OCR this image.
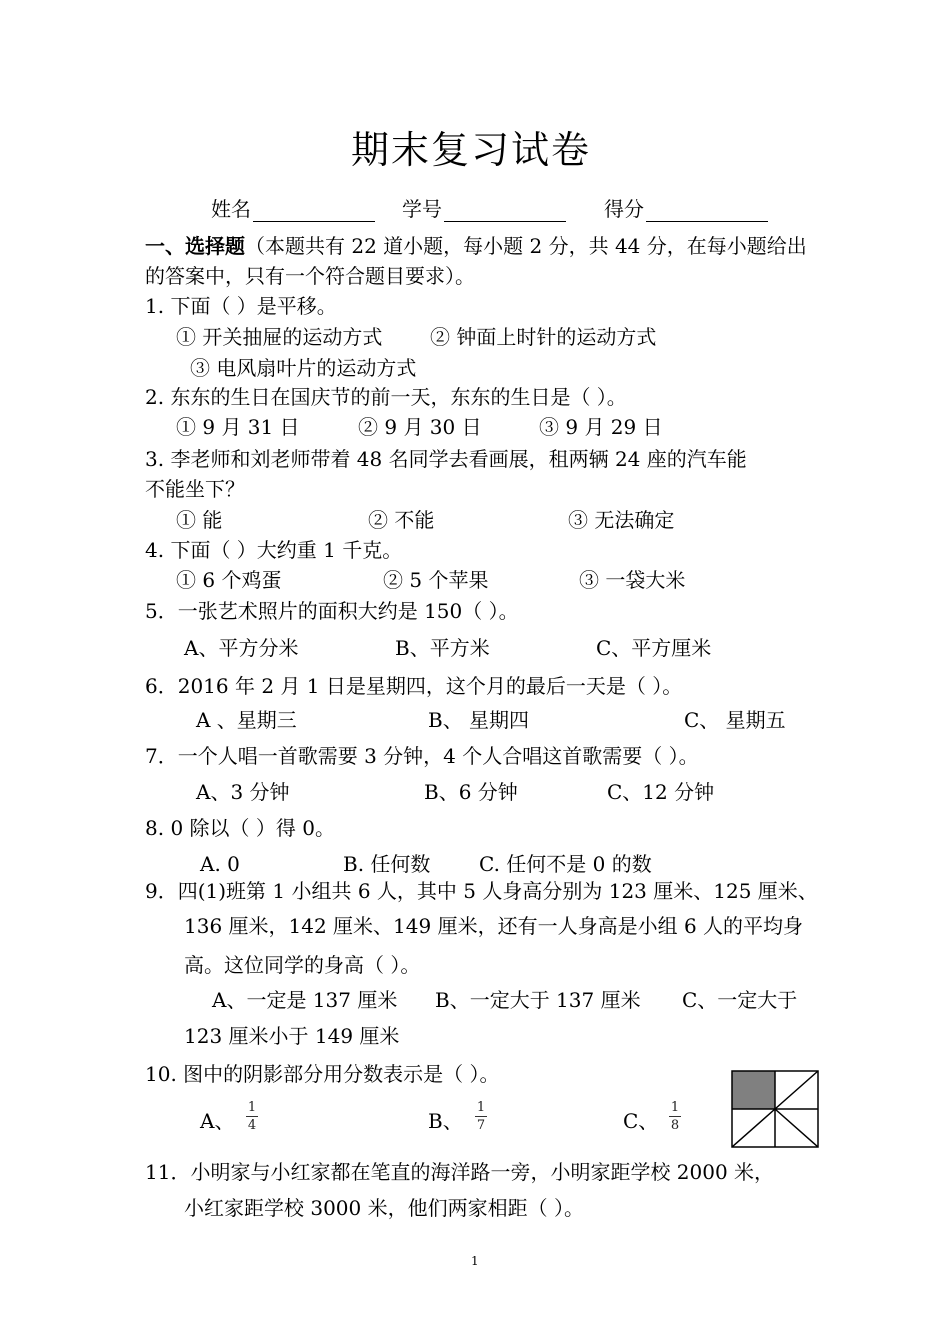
期末复习试卷
姓名	学号	得分
一、选择题（本题共有 22 道小题，每小题 2 分，共 44 分，在每小题给出
的答案中，只有一个符合题目要求）。
1. 下面（ ）是平移。
① 开关抽屉的运动方式 ② 钟面上时针的运动方式
③ 电风扇叶片的运动方式
2. 东东的生日在国庆节的前一天，东东的生日是（ ）。
① 9 月 31 日	② 9 月 30 日	③ 9 月 29 日
3. 李老师和刘老师带着 48 名同学去看画展，租两辆 24 座的汽车能
不能坐下？
① 能	② 不能	③ 无法确定
4. 下面（ ）大约重 1 千克。
① 6 个鸡蛋	② 5 个苹果	③ 一袋大米
5．一张艺术照片的面积大约是 150（ ）。
A、平方分米	B、平方米	C、平方厘米
6．2016 年 2 月 1 日是星期四，这个月的最后一天是（ ）。
A 、星期三	B、 星期四	C、 星期五
7．一个人唱一首歌需要 3 分钟，4 个人合唱这首歌需要（ ）。
A、3 分钟	B、6 分钟	C、12 分钟
8. 0 除以（ ）得 0。
A. 0	B. 任何数 C. 任何不是 0 的数
9．四(1)班第 1 小组共 6 人，其中 5 人身高分别为 123 厘米、125 厘米、
136 厘米，142 厘米、149 厘米，还有一人身高是小组 6 人的平均身
高。这位同学的身高（ ）。
A、一定是 137 厘米 B、一定大于 137 厘米 C、一定大于
123 厘米小于 149 厘米
10. 图中的阴影部分用分数表示是（ ）。
A、
1
4	B、
1
7	C、
1
8
11．小明家与小红家都在笔直的海洋路一旁，小明家距学校 2000 米，
小红家距学校 3000 米，他们两家相距（ ）。
1
